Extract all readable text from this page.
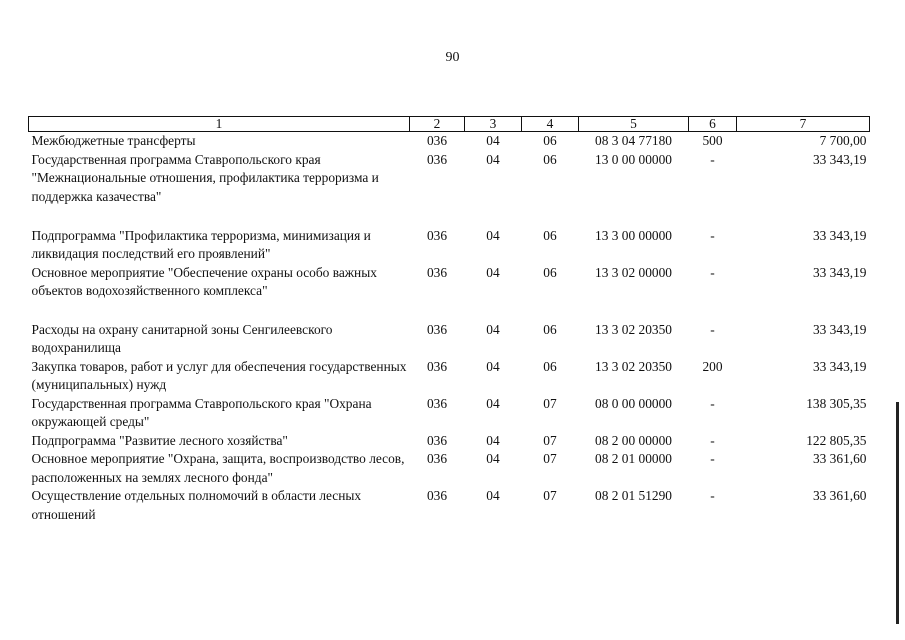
90
1	2	3	4	5	6	7
Межбюджетные трансферты	036	04	06	08 3 04 77180	500	7 700,00
Государственная программа Ставропольского края "Межнациональные отношения, профилактика терроризма и поддержка казачества"	036	04	06	13 0 00 00000	-	33 343,19
Подпрограмма "Профилактика терроризма, минимизация и ликвидация последствий его проявлений"	036	04	06	13 3 00 00000	-	33 343,19
Основное мероприятие "Обеспечение охраны особо важных объектов водохозяйственного комплекса"	036	04	06	13 3 02 00000	-	33 343,19
Расходы на охрану санитарной зоны Сенгилеевского водохранилища	036	04	06	13 3 02 20350	-	33 343,19
Закупка товаров, работ и услуг для обеспечения государственных (муниципальных) нужд	036	04	06	13 3 02 20350	200	33 343,19
Государственная программа Ставропольского края "Охрана окружающей среды"	036	04	07	08 0 00 00000	-	138 305,35
Подпрограмма "Развитие лесного хозяйства"	036	04	07	08 2 00 00000	-	122 805,35
Основное мероприятие "Охрана, защита, воспроизводство лесов, расположенных на землях лесного фонда"	036	04	07	08 2 01 00000	-	33 361,60
Осуществление отдельных полномочий в области лесных отношений	036	04	07	08 2 01 51290	-	33 361,60
